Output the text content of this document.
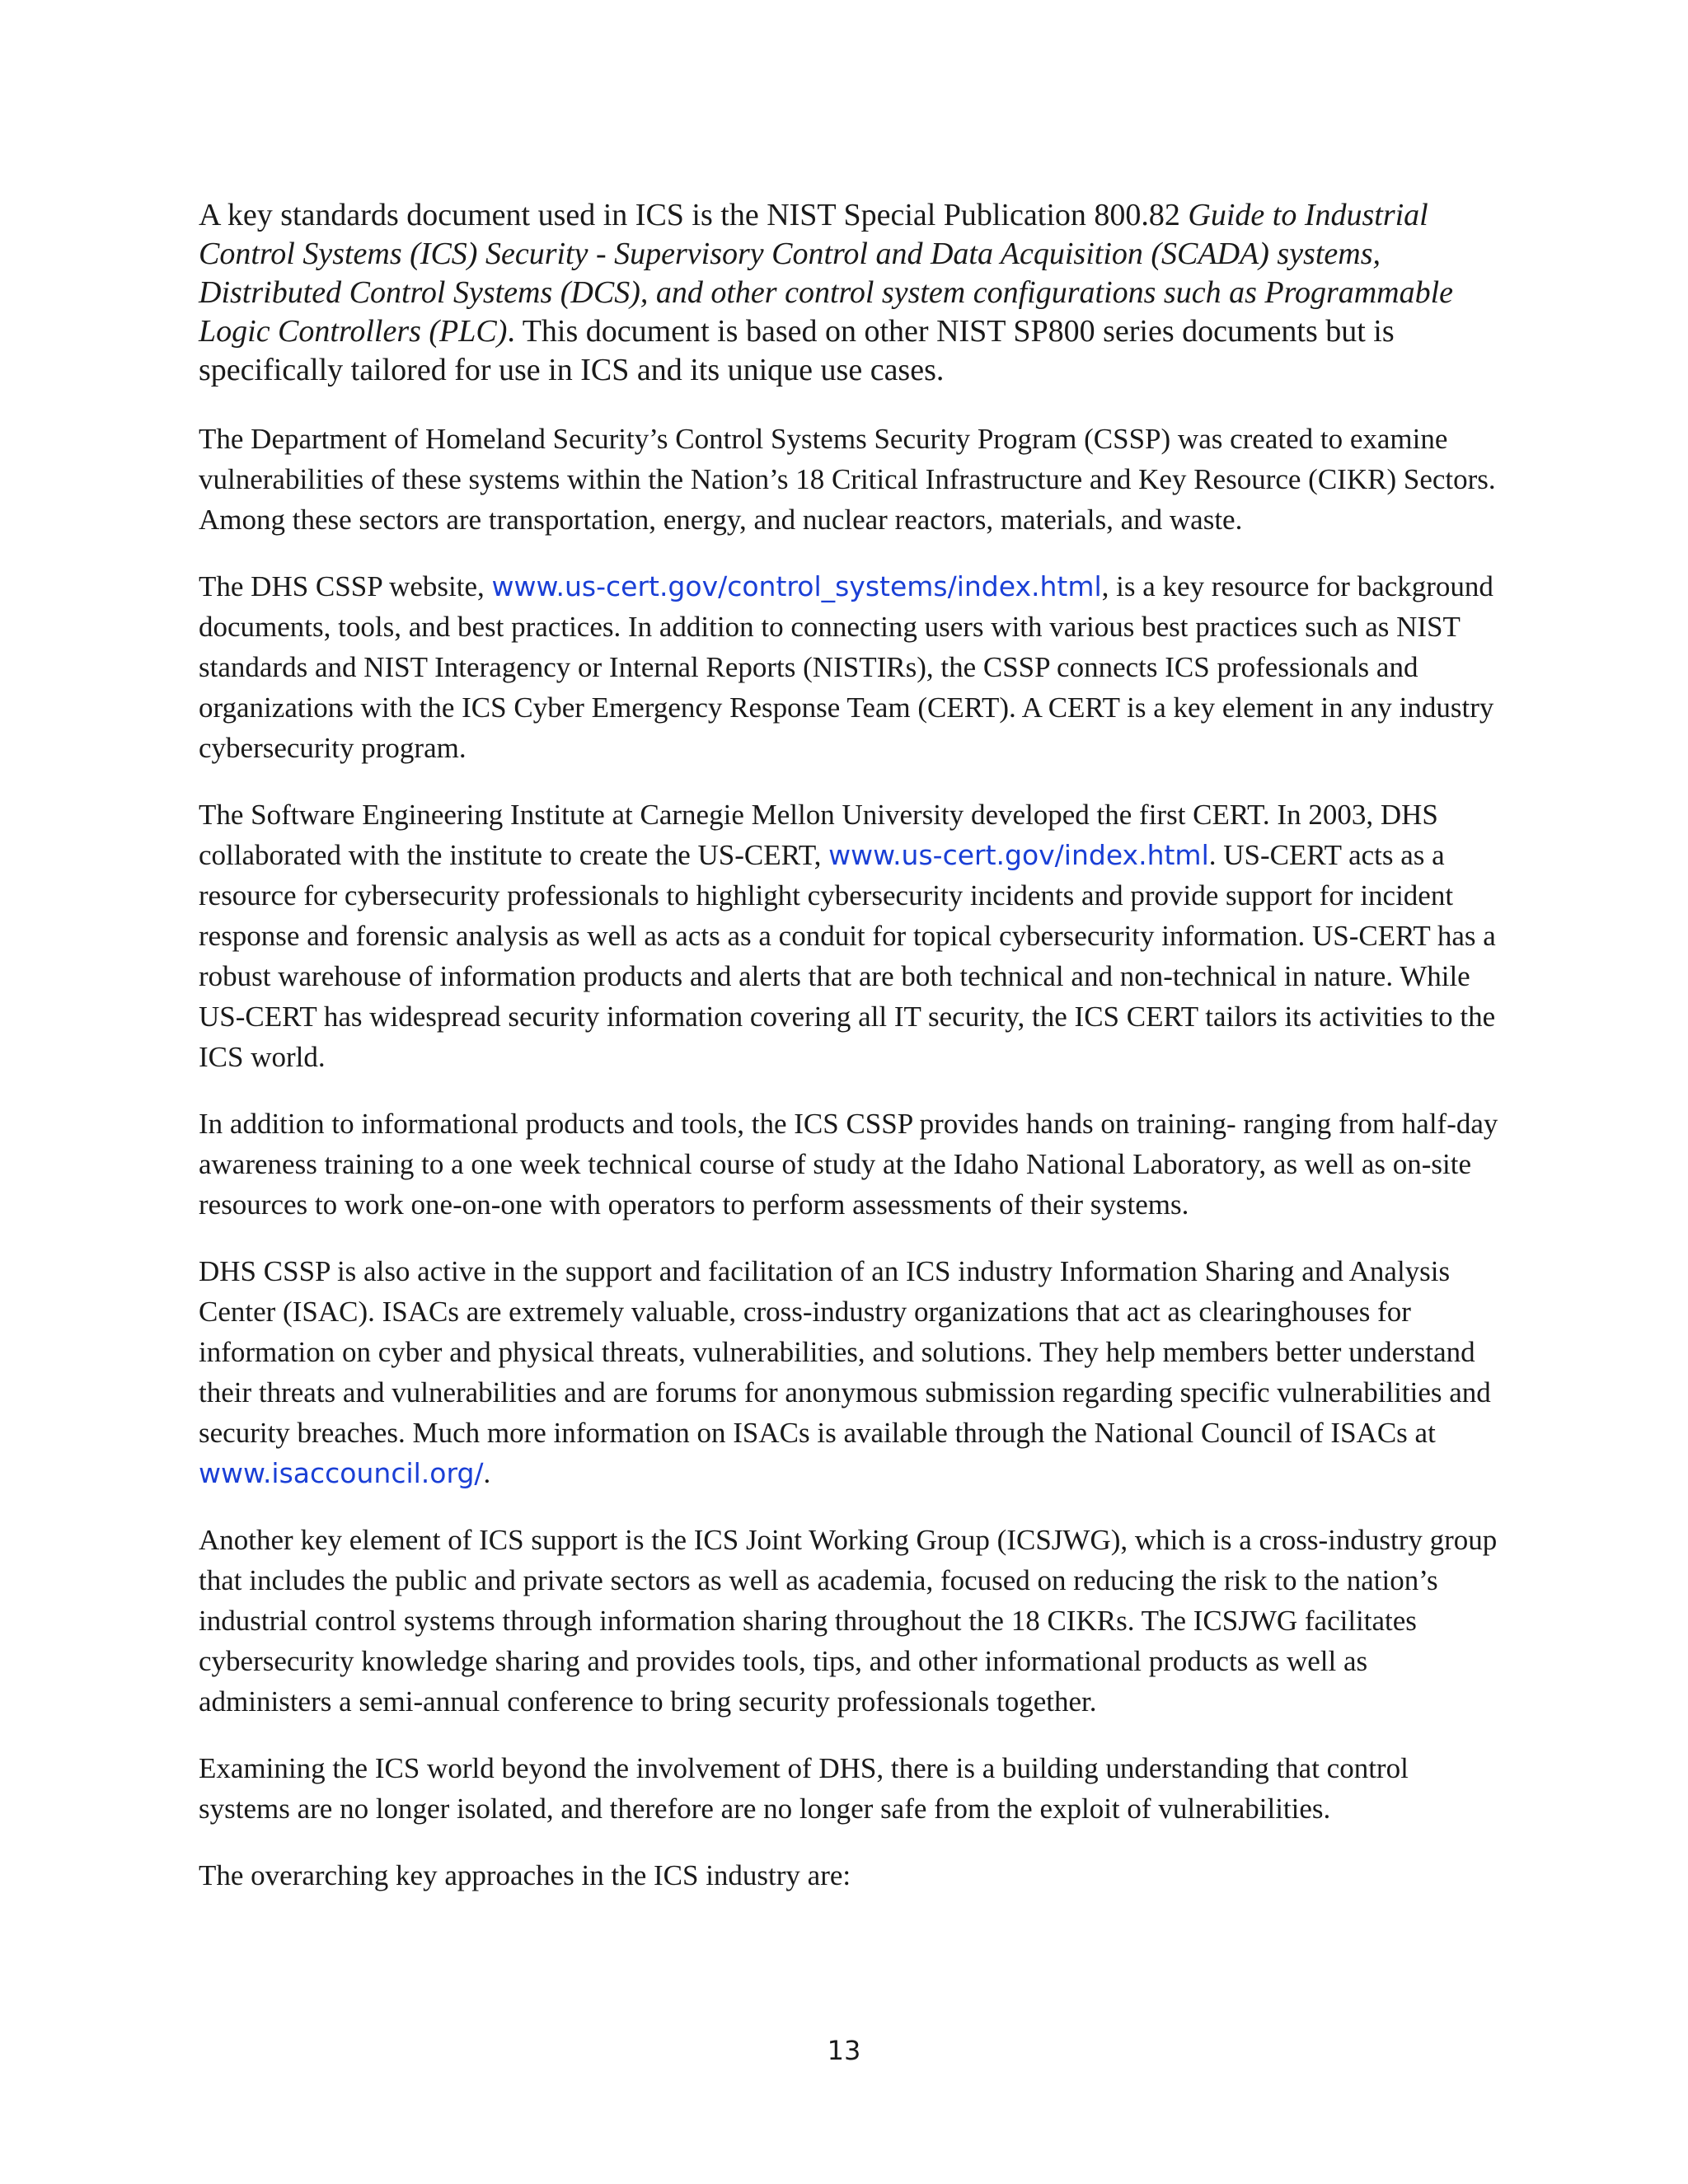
A key standards document used in ICS is the NIST Special Publication 800.82 Guide to Industrial Control Systems (ICS) Security - Supervisory Control and Data Acquisition (SCADA) systems, Distributed Control Systems (DCS), and other control system configurations such as Programmable Logic Controllers (PLC). This document is based on other NIST SP800 series documents but is specifically tailored for use in ICS and its unique use cases.

The Department of Homeland Security’s Control Systems Security Program (CSSP) was created to examine vulnerabilities of these systems within the Nation’s 18 Critical Infrastructure and Key Resource (CIKR) Sectors. Among these sectors are transportation, energy, and nuclear reactors, materials, and waste.

The DHS CSSP website, www.us-cert.gov/control_systems/index.html, is a key resource for background documents, tools, and best practices. In addition to connecting users with various best practices such as NIST standards and NIST Interagency or Internal Reports (NISTIRs), the CSSP connects ICS professionals and organizations with the ICS Cyber Emergency Response Team (CERT). A CERT is a key element in any industry cybersecurity program.

The Software Engineering Institute at Carnegie Mellon University developed the first CERT. In 2003, DHS collaborated with the institute to create the US-CERT, www.us-cert.gov/index.html. US-CERT acts as a resource for cybersecurity professionals to highlight cybersecurity incidents and provide support for incident response and forensic analysis as well as acts as a conduit for topical cybersecurity information. US-CERT has a robust warehouse of information products and alerts that are both technical and non-technical in nature. While US-CERT has widespread security information covering all IT security, the ICS CERT tailors its activities to the ICS world.

In addition to informational products and tools, the ICS CSSP provides hands on training- ranging from half-day awareness training to a one week technical course of study at the Idaho National Laboratory, as well as on-site resources to work one-on-one with operators to perform assessments of their systems.

DHS CSSP is also active in the support and facilitation of an ICS industry Information Sharing and Analysis Center (ISAC). ISACs are extremely valuable, cross-industry organizations that act as clearinghouses for information on cyber and physical threats, vulnerabilities, and solutions. They help members better understand their threats and vulnerabilities and are forums for anonymous submission regarding specific vulnerabilities and security breaches. Much more information on ISACs is available through the National Council of ISACs at www.isaccouncil.org/.

Another key element of ICS support is the ICS Joint Working Group (ICSJWG), which is a cross-industry group that includes the public and private sectors as well as academia, focused on reducing the risk to the nation’s industrial control systems through information sharing throughout the 18 CIKRs. The ICSJWG facilitates cybersecurity knowledge sharing and provides tools, tips, and other informational products as well as administers a semi-annual conference to bring security professionals together.

Examining the ICS world beyond the involvement of DHS, there is a building understanding that control systems are no longer isolated, and therefore are no longer safe from the exploit of vulnerabilities.

The overarching key approaches in the ICS industry are:

13
